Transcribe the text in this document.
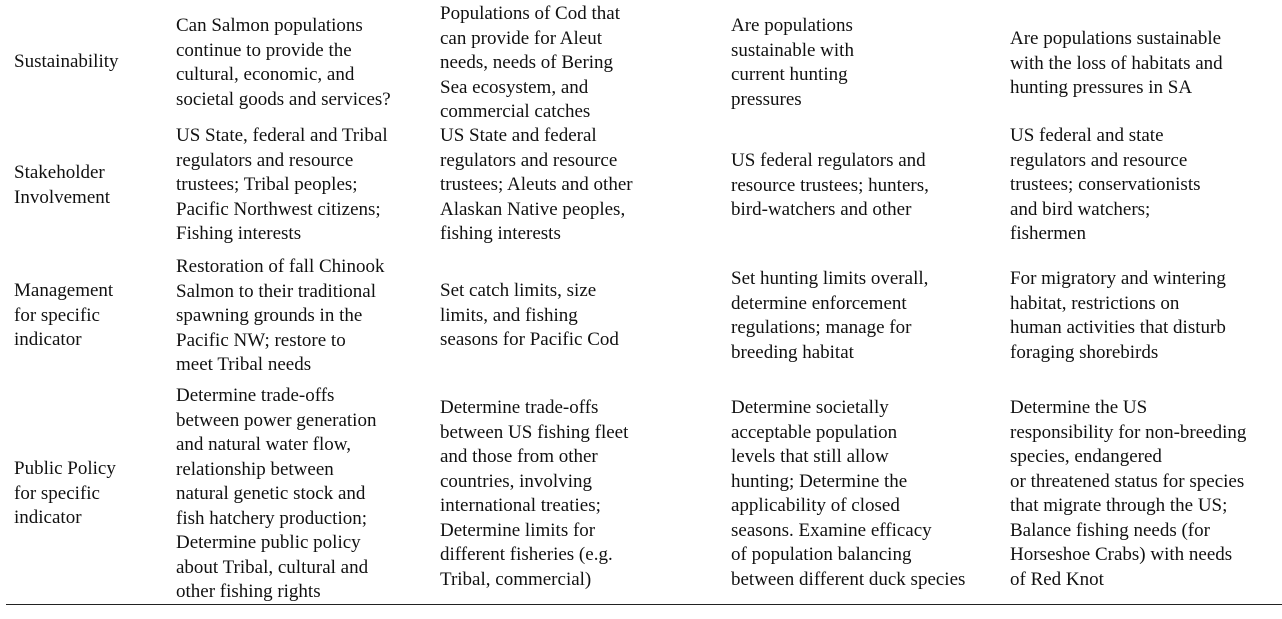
Sustainability
Can Salmon populations
continue to provide the
cultural, economic, and
societal goods and services?
Populations of Cod that
can provide for Aleut
needs, needs of Bering
Sea ecosystem, and
commercial catches
Are populations
sustainable with
current hunting
pressures
Are populations sustainable
with the loss of habitats and
hunting pressures in SA
Stakeholder
Involvement
US State, federal and Tribal
regulators and resource
trustees; Tribal peoples;
Pacific Northwest citizens;
Fishing interests
US State and federal
regulators and resource
trustees; Aleuts and other
Alaskan Native peoples,
fishing interests
US federal regulators and
resource trustees; hunters,
bird-watchers and other
US federal and state
regulators and resource
trustees; conservationists
and bird watchers;
fishermen
Management
for specific
indicator
Restoration of fall Chinook
Salmon to their traditional
spawning grounds in the
Pacific NW; restore to
meet Tribal needs
Set catch limits, size
limits, and fishing
seasons for Pacific Cod
Set hunting limits overall,
determine enforcement
regulations; manage for
breeding habitat
For migratory and wintering
habitat, restrictions on
human activities that disturb
foraging shorebirds
Public Policy
for specific
indicator
Determine trade-offs
between power generation
and natural water flow,
relationship between
natural genetic stock and
fish hatchery production;
Determine public policy
about Tribal, cultural and
other fishing rights
Determine trade-offs
between US fishing fleet
and those from other
countries, involving
international treaties;
Determine limits for
different fisheries (e.g.
Tribal, commercial)
Determine societally
acceptable population
levels that still allow
hunting; Determine the
applicability of closed
seasons. Examine efficacy
of population balancing
between different duck species
Determine the US
responsibility for non-breeding
species, endangered
or threatened status for species
that migrate through the US;
Balance fishing needs (for
Horseshoe Crabs) with needs
of Red Knot
